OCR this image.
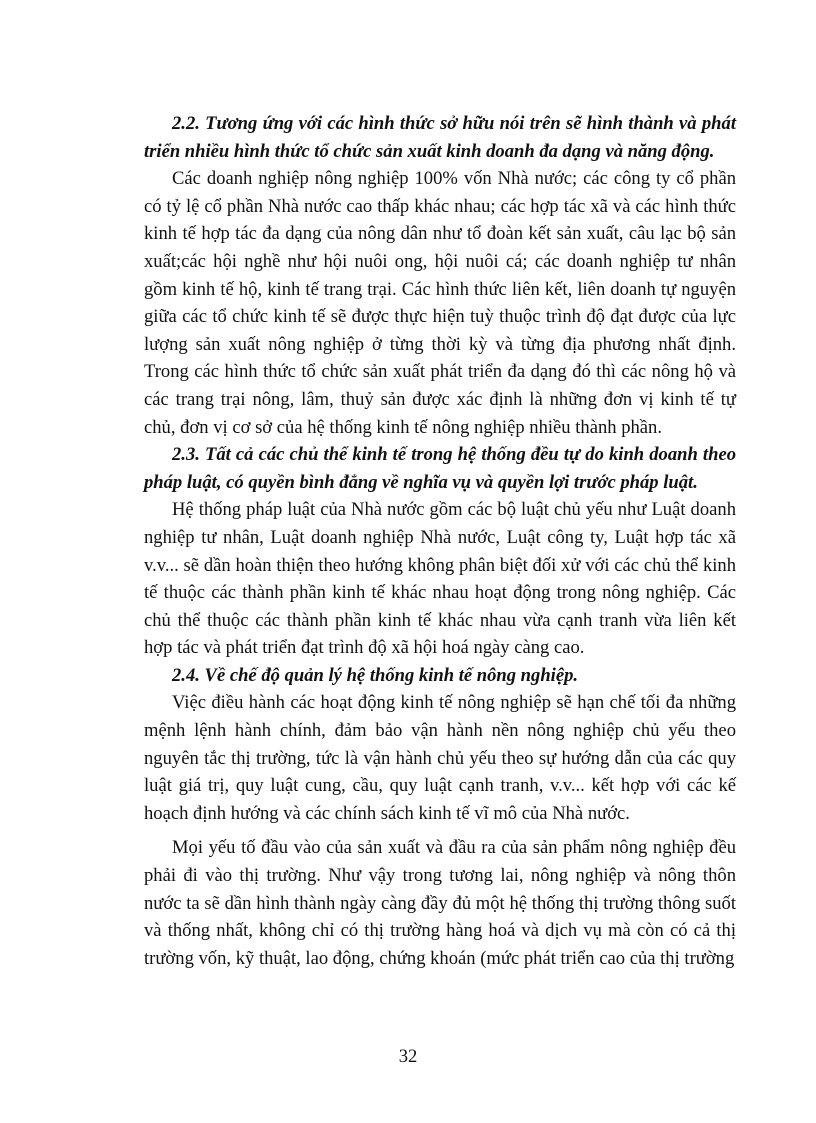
2.2. Tương ứng với các hình thức sở hữu nói trên sẽ hình thành và phát triển nhiều hình thức tổ chức sản xuất kinh doanh đa dạng và năng động.

Các doanh nghiệp nông nghiệp 100% vốn Nhà nước; các công ty cổ phần có tỷ lệ cổ phần Nhà nước cao thấp khác nhau; các hợp tác xã và các hình thức kinh tế hợp tác đa dạng của nông dân như tổ đoàn kết sản xuất, câu lạc bộ sản xuất;các hội nghề như hội nuôi ong, hội nuôi cá; các doanh nghiệp tư nhân gồm kinh tế hộ, kinh tế trang trại. Các hình thức liên kết, liên doanh tự nguyện giữa các tổ chức kinh tế sẽ được thực hiện tuỳ thuộc trình độ đạt được của lực lượng sản xuất nông nghiệp ở từng thời kỳ và từng địa phương nhất định. Trong các hình thức tổ chức sản xuất phát triển đa dạng đó thì các nông hộ và các trang trại nông, lâm, thuỷ sản được xác định là những đơn vị kinh tế tự chủ, đơn vị cơ sở của hệ thống kinh tế nông nghiệp nhiều thành phần.

2.3. Tất cả các chủ thể kinh tế trong hệ thống đều tự do kinh doanh theo pháp luật, có quyền bình đẳng về nghĩa vụ và quyền lợi trước pháp luật.

Hệ thống pháp luật của Nhà nước gồm các bộ luật chủ yếu như Luật doanh nghiệp tư nhân, Luật doanh nghiệp Nhà nước, Luật công ty, Luật hợp tác xã v.v... sẽ dần hoàn thiện theo hướng không phân biệt đối xử với các chủ thể kinh tế thuộc các thành phần kinh tế khác nhau hoạt động trong nông nghiệp. Các chủ thể thuộc các thành phần kinh tế khác nhau vừa cạnh tranh vừa liên kết hợp tác và phát triển đạt trình độ xã hội hoá ngày càng cao.

2.4. Về chế độ quản lý hệ thống kinh tế nông nghiệp.

Việc điều hành các hoạt động kinh tế nông nghiệp sẽ hạn chế tối đa những mệnh lệnh hành chính, đảm bảo vận hành nền nông nghiệp chủ yếu theo nguyên tắc thị trường, tức là vận hành chủ yếu theo sự hướng dẫn của các quy luật giá trị, quy luật cung, cầu, quy luật cạnh tranh, v.v... kết hợp với các kế hoạch định hướng và các chính sách kinh tế vĩ mô của Nhà nước.

Mọi yếu tố đầu vào của sản xuất và đầu ra của sản phẩm nông nghiệp đều phải đi vào thị trường. Như vậy trong tương lai, nông nghiệp và nông thôn nước ta sẽ dần hình thành ngày càng đầy đủ một hệ thống thị trường thông suốt và thống nhất, không chỉ có thị trường hàng hoá và dịch vụ mà còn có cả thị trường vốn, kỹ thuật, lao động, chứng khoán (mức phát triển cao của thị trường

32
